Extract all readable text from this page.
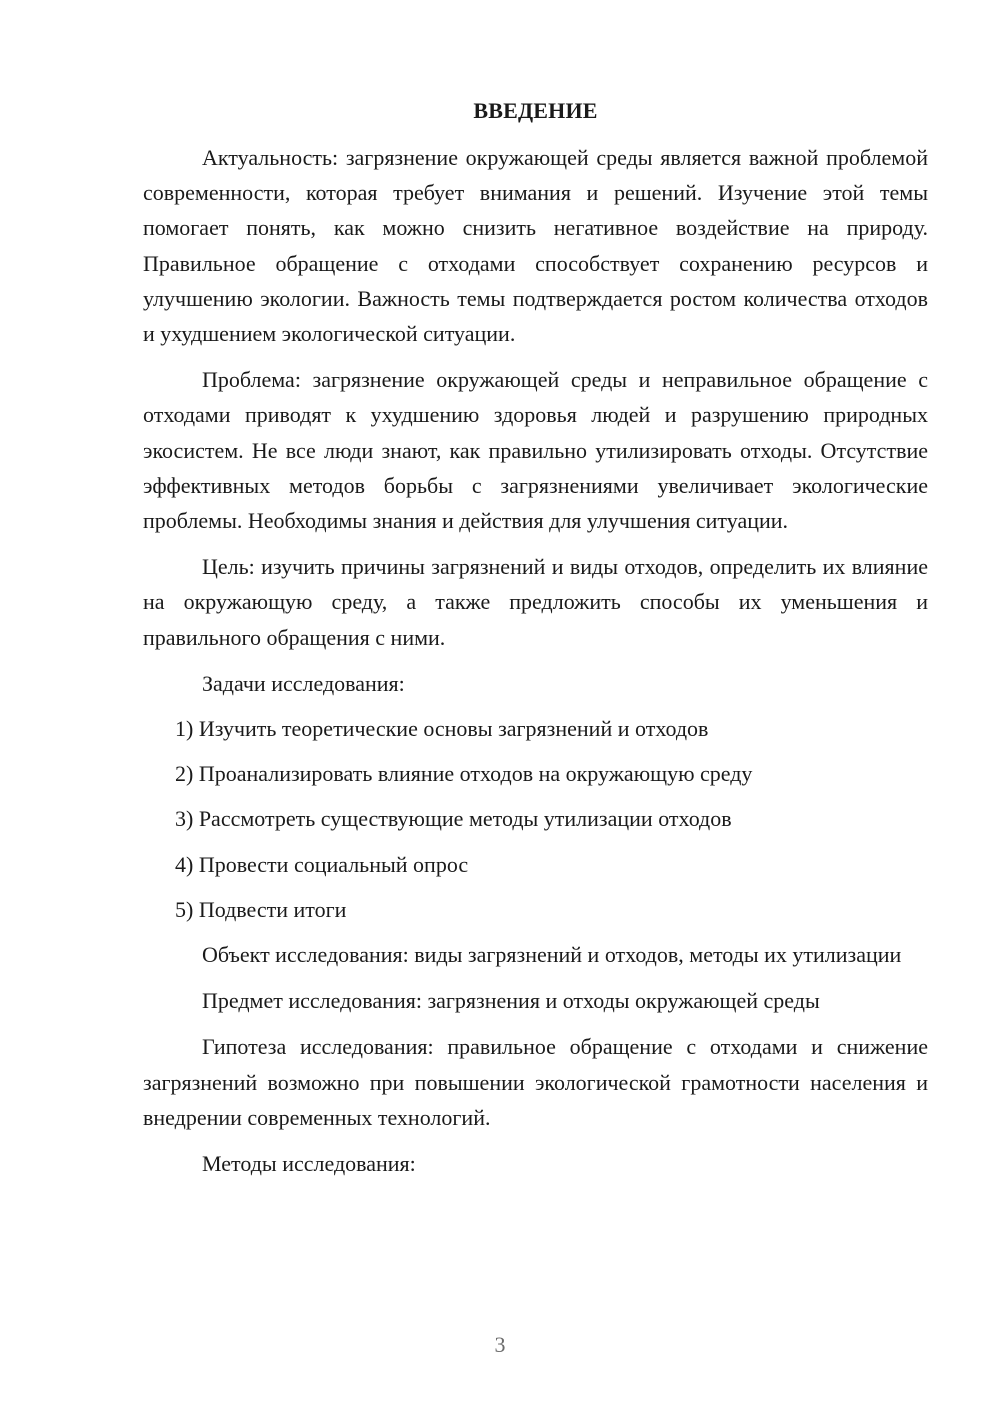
ВВЕДЕНИЕ

Актуальность: загрязнение окружающей среды является важной проблемой современности, которая требует внимания и решений. Изучение этой темы помогает понять, как можно снизить негативное воздействие на природу. Правильное обращение с отходами способствует сохранению ресурсов и улучшению экологии. Важность темы подтверждается ростом количества отходов и ухудшением экологической ситуации.

Проблема: загрязнение окружающей среды и неправильное обращение с отходами приводят к ухудшению здоровья людей и разрушению природных экосистем. Не все люди знают, как правильно утилизировать отходы. Отсутствие эффективных методов борьбы с загрязнениями увеличивает экологические проблемы. Необходимы знания и действия для улучшения ситуации.

Цель: изучить причины загрязнений и виды отходов, определить их влияние на окружающую среду, а также предложить способы их уменьшения и правильного обращения с ними.

Задачи исследования:

1) Изучить теоретические основы загрязнений и отходов
2) Проанализировать влияние отходов на окружающую среду
3) Рассмотреть существующие методы утилизации отходов
4) Провести социальный опрос
5) Подвести итоги

Объект исследования: виды загрязнений и отходов, методы их утилизации

Предмет исследования: загрязнения и отходы окружающей среды

Гипотеза исследования: правильное обращение с отходами и снижение загрязнений возможно при повышении экологической грамотности населения и внедрении современных технологий.

Методы исследования:

3
